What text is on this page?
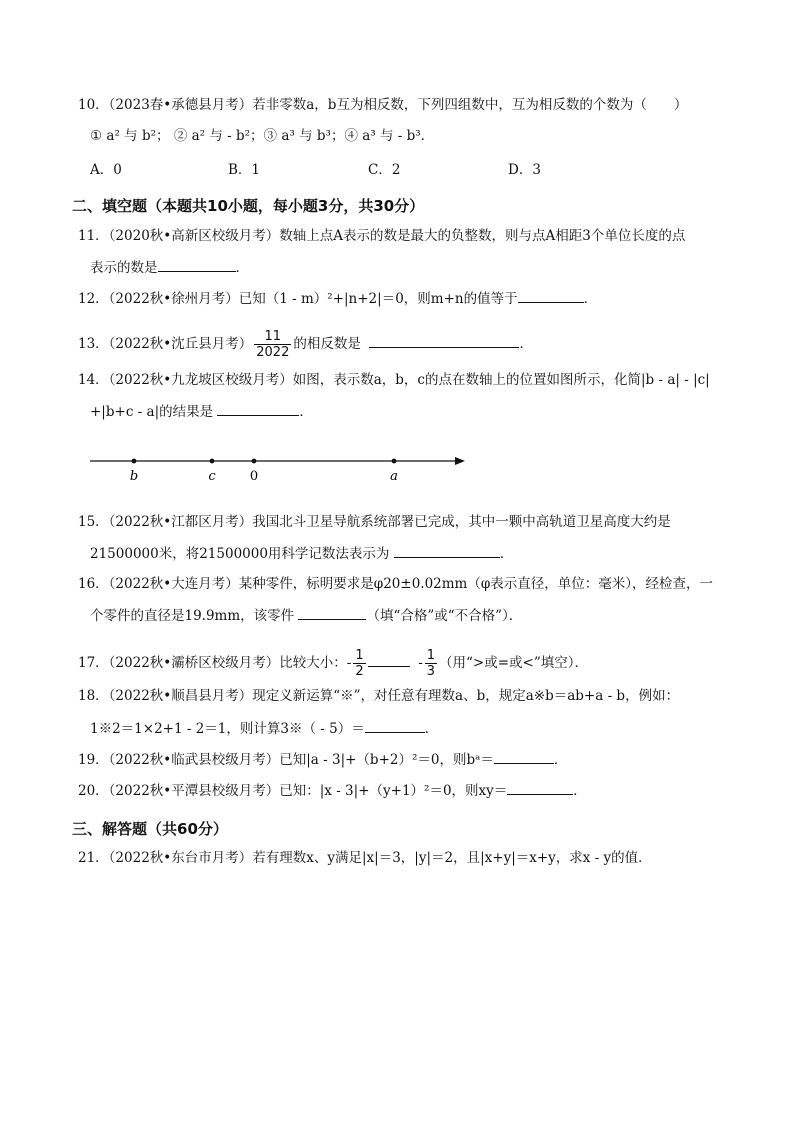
10．（2023春•承德县月考）若非零数a，b互为相反数，下列四组数中，互为相反数的个数为（　　）
① a² 与 b²； ② a² 与 - b²；③ a³ 与 b³；④ a³ 与 - b³．
A．0	B．1	C．2	D．3
二、填空题（本题共10小题，每小题3分，共30分）
11．（2020秋•高新区校级月考）数轴上点A表示的数是最大的负整数，则与点A相距3个单位长度的点
表示的数是	．
12．（2022秋•徐州月考）已知（1 - m）²+|n+2|＝0，则m+n的值等于	．
13．（2022秋•沈丘县月考） $\frac{11}{2022}$ 的相反数是	．
14．（2022秋•九龙坡区校级月考）如图，表示数a，b，c的点在数轴上的位置如图所示，化简|b - a| - |c|
+|b+c - a|的结果是	．
b	c	0	a
15．（2022秋•江都区月考）我国北斗卫星导航系统部署已完成，其中一颗中高轨道卫星高度大约是
21500000米，将21500000用科学记数法表示为	．
16．（2022秋•大连月考）某种零件，标明要求是φ20±0.02mm（φ表示直径，单位：毫米），经检查，一
个零件的直径是19.9mm，该零件	（填“合格”或“不合格”）．
17．（2022秋•灞桥区校级月考）比较大小：- $\frac{1}{2}$	- $\frac{1}{3}$ （用“>或=或<”填空）．
18．（2022秋•顺昌县月考）现定义新运算“※”，对任意有理数a、b，规定a※b＝ab+a - b，例如：
1※2＝1×2+1 - 2＝1，则计算3※（ - 5）＝	．
19．（2022秋•临武县校级月考）已知|a - 3|+（b+2）²＝0，则bᵃ＝	．
20．（2022秋•平潭县校级月考）已知：|x - 3|+（y+1）²＝0，则xy＝	．
三、解答题（共60分）
21．（2022秋•东台市月考）若有理数x、y满足|x|＝3，|y|＝2，且|x+y|＝x+y，求x - y的值．
